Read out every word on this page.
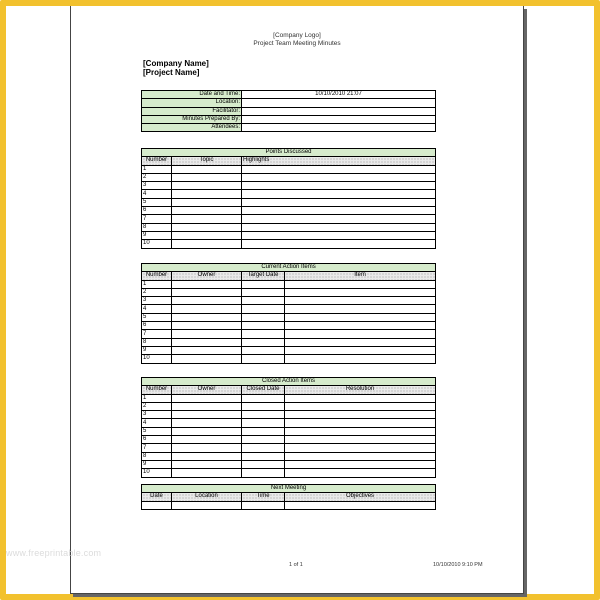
[Company Logo]
Project Team Meeting Minutes
[Company Name]
[Project Name]
Date and Time:	10/10/2010 21:07
Location:	
Facilitator:	
Minutes Prepared By:	
Attendees:	
Points Discussed		
Number	Topic	Highlights
1		
2		
3		
4		
5		
6		
7		
8		
9		
10		
Current Action Items			
Number	Owner	Target Date	Item
1			
2			
3			
4			
5			
6			
7			
8			
9			
10			
Closed Action Items			
Number	Owner	Closed Date	Resolution
1			
2			
3			
4			
5			
6			
7			
8			
9			
10			
Next Meeting			
Date	Location	Time	Objectives

1 of 1	10/10/2010 9:10 PM
www.freeprintable.com
